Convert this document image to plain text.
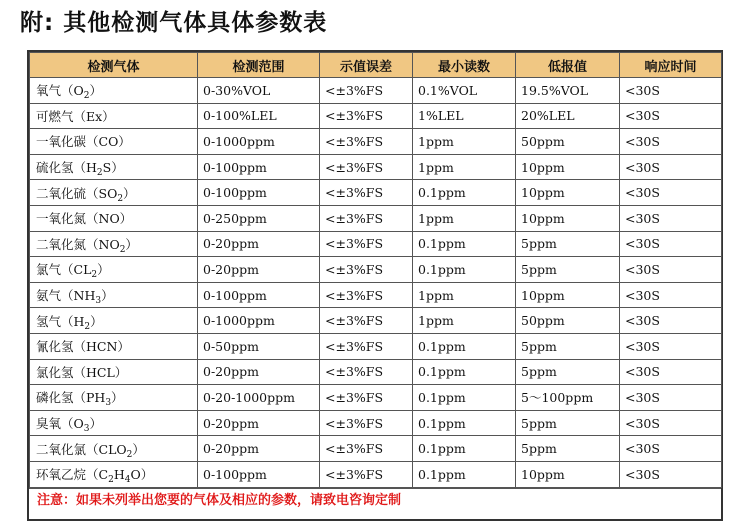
附: 其他检测气体具体参数表
检测气体	检测范围	示值误差	最小读数	低报值	响应时间
氧气$(O_2)$	0-30%VOL	<±3%FS	0.1%VOL	19.5%VOL	<30S
可燃气（Ex）	0-100%LEL	<±3%FS	1%LEL	20%LEL	<30S
一氧化碳（CO）	0-1000ppm	<±3%FS	1ppm	50ppm	<30S
硫化氢$(H_2S)$	0-100ppm	<±3%FS	1ppm	10ppm	<30S
二氧化硫$(SO_2)$	0-100ppm	<±3%FS	0.1ppm	10ppm	<30S
一氧化氮（NO）	0-250ppm	<±3%FS	1ppm	10ppm	<30S
二氧化氮$(NO_2)$	0-20ppm	<±3%FS	0.1ppm	5ppm	<30S
氯气$(CL_2)$	0-20ppm	<±3%FS	0.1ppm	5ppm	<30S
氨气$(NH_3)$	0-100ppm	<±3%FS	1ppm	10ppm	<30S
氢气$(H_2)$	0-1000ppm	<±3%FS	1ppm	50ppm	<30S
氰化氢（HCN）	0-50ppm	<±3%FS	0.1ppm	5ppm	<30S
氯化氢（HCL）	0-20ppm	<±3%FS	0.1ppm	5ppm	<30S
磷化氢$(PH_3)$	0-20-1000ppm	<±3%FS	0.1ppm	5～100ppm	<30S
臭氧$(O_3)$	0-20ppm	<±3%FS	0.1ppm	5ppm	<30S
二氧化氯$(CLO_2)$	0-20ppm	<±3%FS	0.1ppm	5ppm	<30S
环氧乙烷$(C_2H_4O)$	0-100ppm	<±3%FS	0.1ppm	10ppm	<30S
注意：如果未列举出您要的气体及相应的参数，请致电咨询定制
